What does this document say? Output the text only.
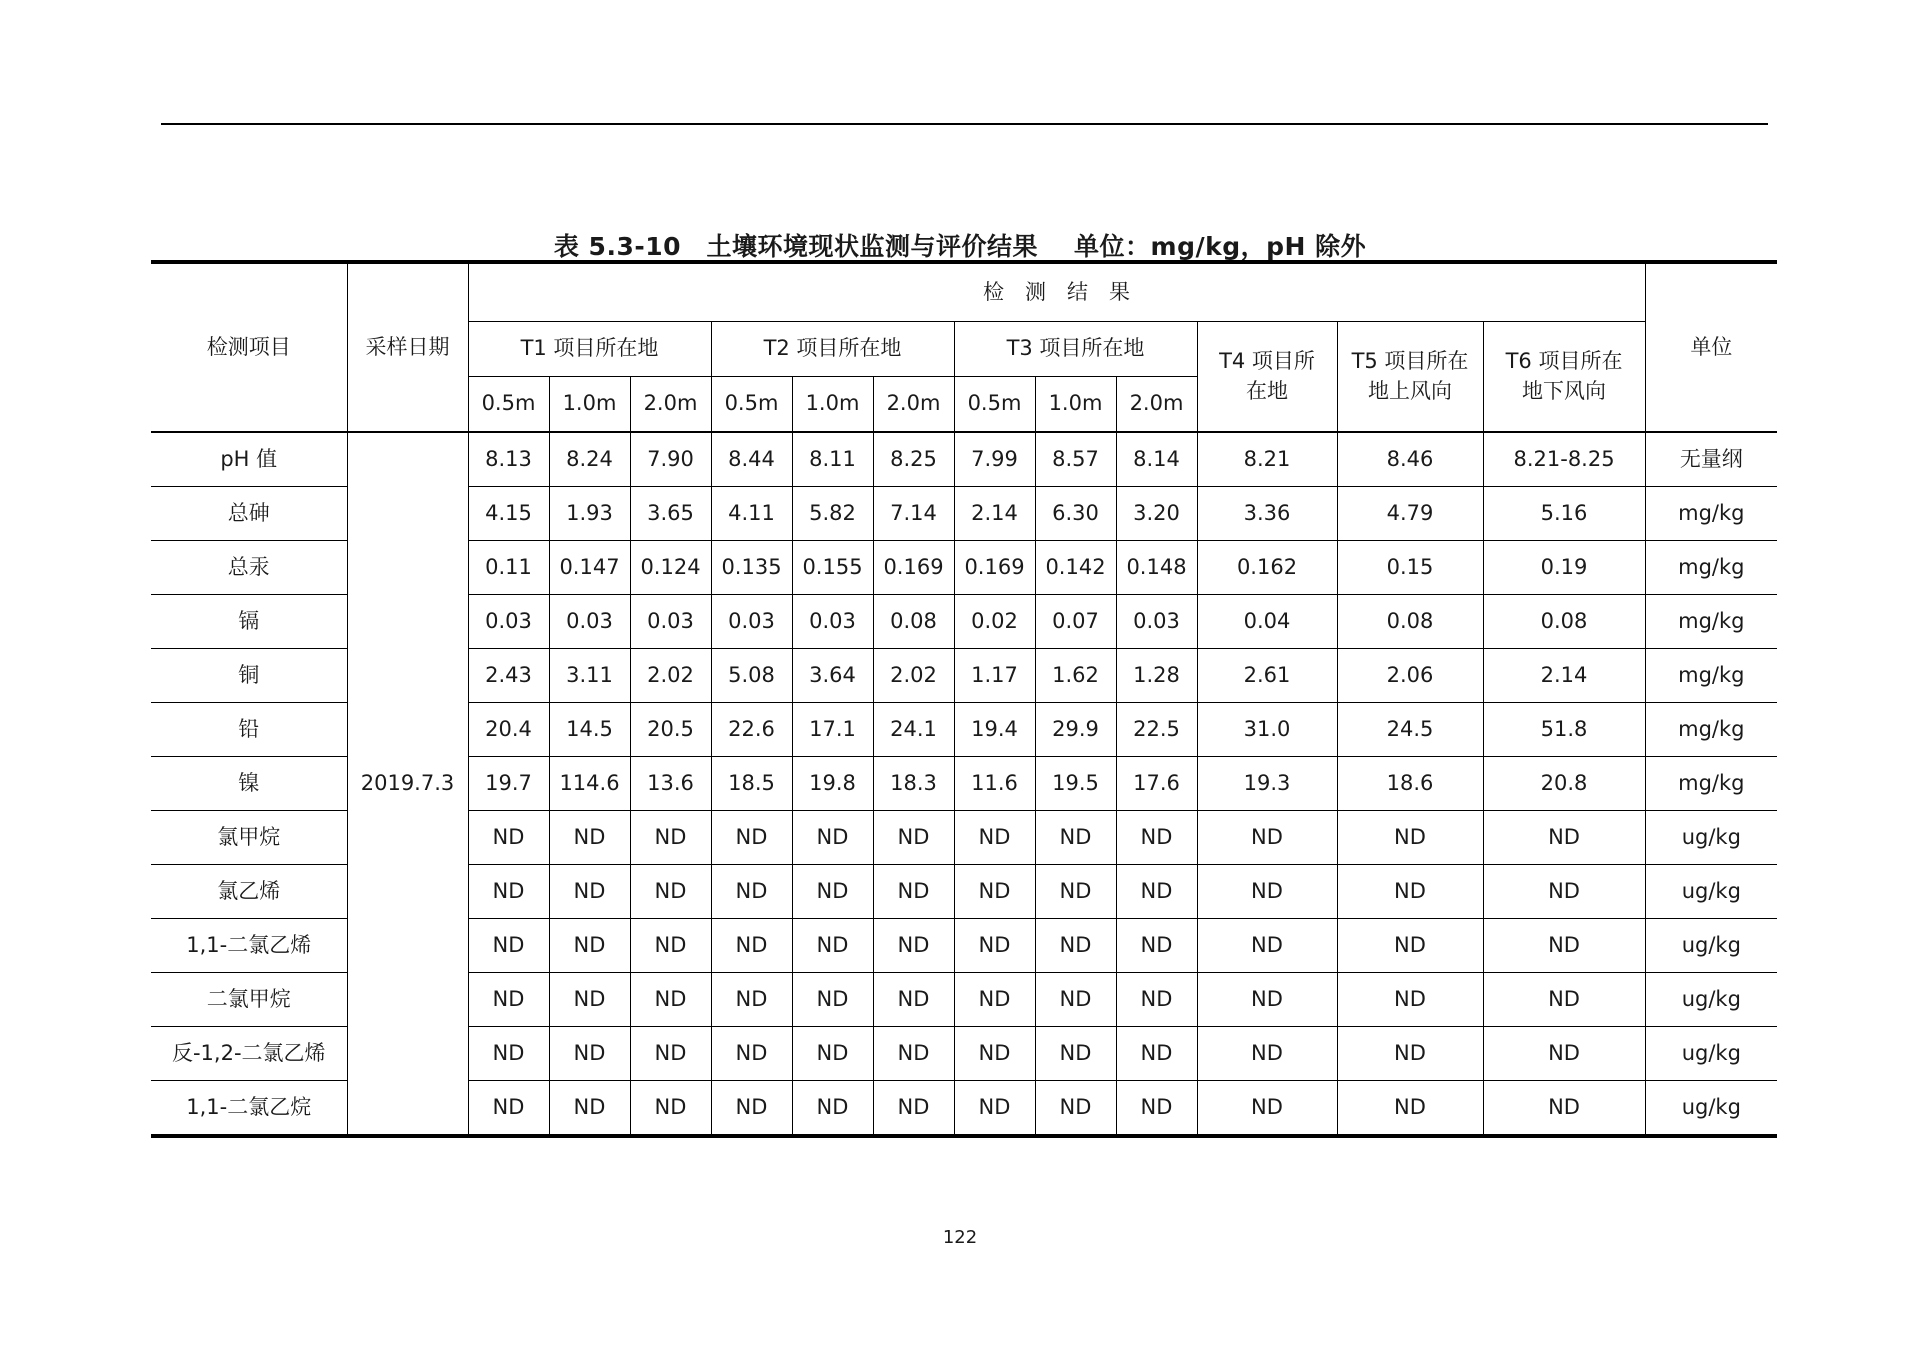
表 5.3-10　土壤环境现状监测与评价结果 单位：mg/kg，pH 除外
检测项目	采样日期	检　测　结　果												单位
		T1 项目所在地			T2 项目所在地			T3 项目所在地			T4 项目所在地	T5 项目所在地上风向	T6 项目所在地下风向	
		0.5m	1.0m	2.0m	0.5m	1.0m	2.0m	0.5m	1.0m	2.0m				
pH 值	2019.7.3	8.13	8.24	7.90	8.44	8.11	8.25	7.99	8.57	8.14	8.21	8.46	8.21-8.25	无量纲
总砷		4.15	1.93	3.65	4.11	5.82	7.14	2.14	6.30	3.20	3.36	4.79	5.16	mg/kg
总汞		0.11	0.147	0.124	0.135	0.155	0.169	0.169	0.142	0.148	0.162	0.15	0.19	mg/kg
镉		0.03	0.03	0.03	0.03	0.03	0.08	0.02	0.07	0.03	0.04	0.08	0.08	mg/kg
铜		2.43	3.11	2.02	5.08	3.64	2.02	1.17	1.62	1.28	2.61	2.06	2.14	mg/kg
铅		20.4	14.5	20.5	22.6	17.1	24.1	19.4	29.9	22.5	31.0	24.5	51.8	mg/kg
镍		19.7	114.6	13.6	18.5	19.8	18.3	11.6	19.5	17.6	19.3	18.6	20.8	mg/kg
氯甲烷		ND	ND	ND	ND	ND	ND	ND	ND	ND	ND	ND	ND	ug/kg
氯乙烯		ND	ND	ND	ND	ND	ND	ND	ND	ND	ND	ND	ND	ug/kg
1,1-二氯乙烯		ND	ND	ND	ND	ND	ND	ND	ND	ND	ND	ND	ND	ug/kg
二氯甲烷		ND	ND	ND	ND	ND	ND	ND	ND	ND	ND	ND	ND	ug/kg
反-1,2-二氯乙烯		ND	ND	ND	ND	ND	ND	ND	ND	ND	ND	ND	ND	ug/kg
1,1-二氯乙烷		ND	ND	ND	ND	ND	ND	ND	ND	ND	ND	ND	ND	ug/kg
122
